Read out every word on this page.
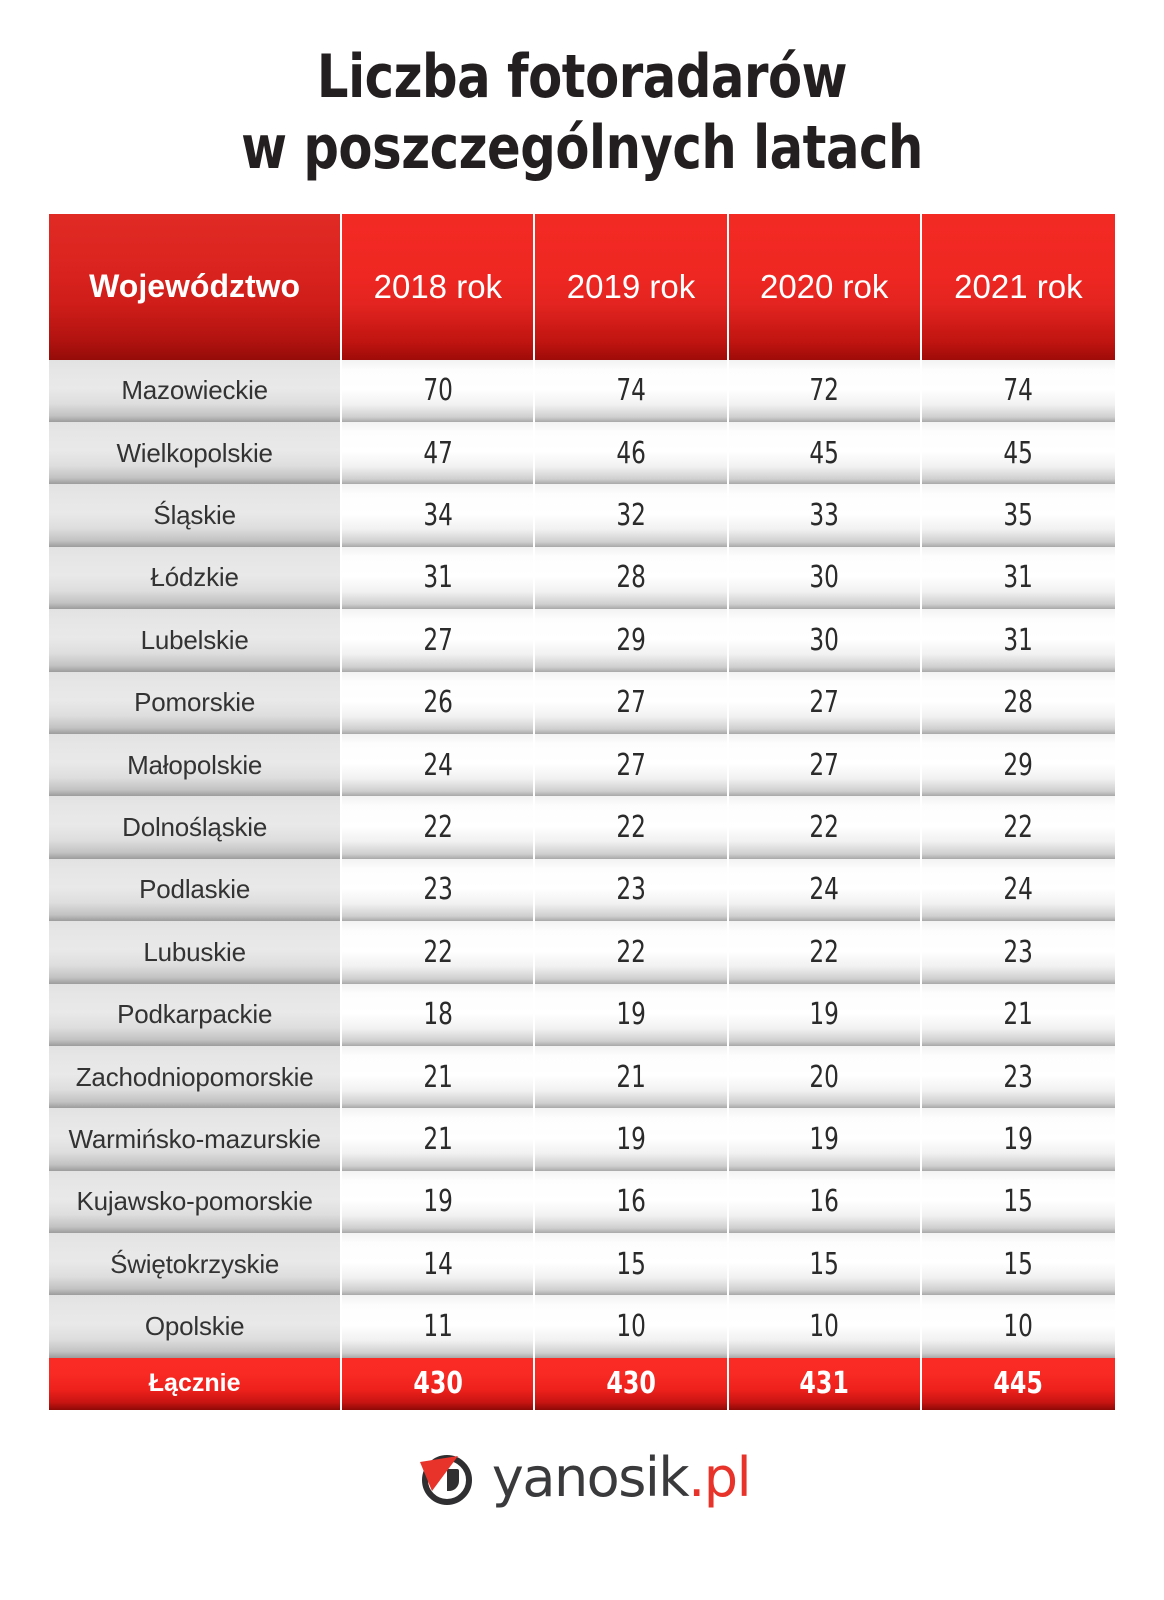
Liczba fotoradarów
w poszczególnych latach
Województwo	2018 rok	2019 rok	2020 rok	2021 rok

Mazowieckie	70	74	72	74
Wielkopolskie	47	46	45	45
Śląskie	34	32	33	35
Łódzkie	31	28	30	31
Lubelskie	27	29	30	31
Pomorskie	26	27	27	28
Małopolskie	24	27	27	29
Dolnośląskie	22	22	22	22
Podlaskie	23	23	24	24
Lubuskie	22	22	22	23
Podkarpackie	18	19	19	21
Zachodniopomorskie	21	21	20	23
Warmińsko-mazurskie	21	19	19	19
Kujawsko-pomorskie	19	16	16	15
Świętokrzyskie	14	15	15	15
Opolskie	11	10	10	10
Łącznie	430	430	431	445
yanosik.pl
